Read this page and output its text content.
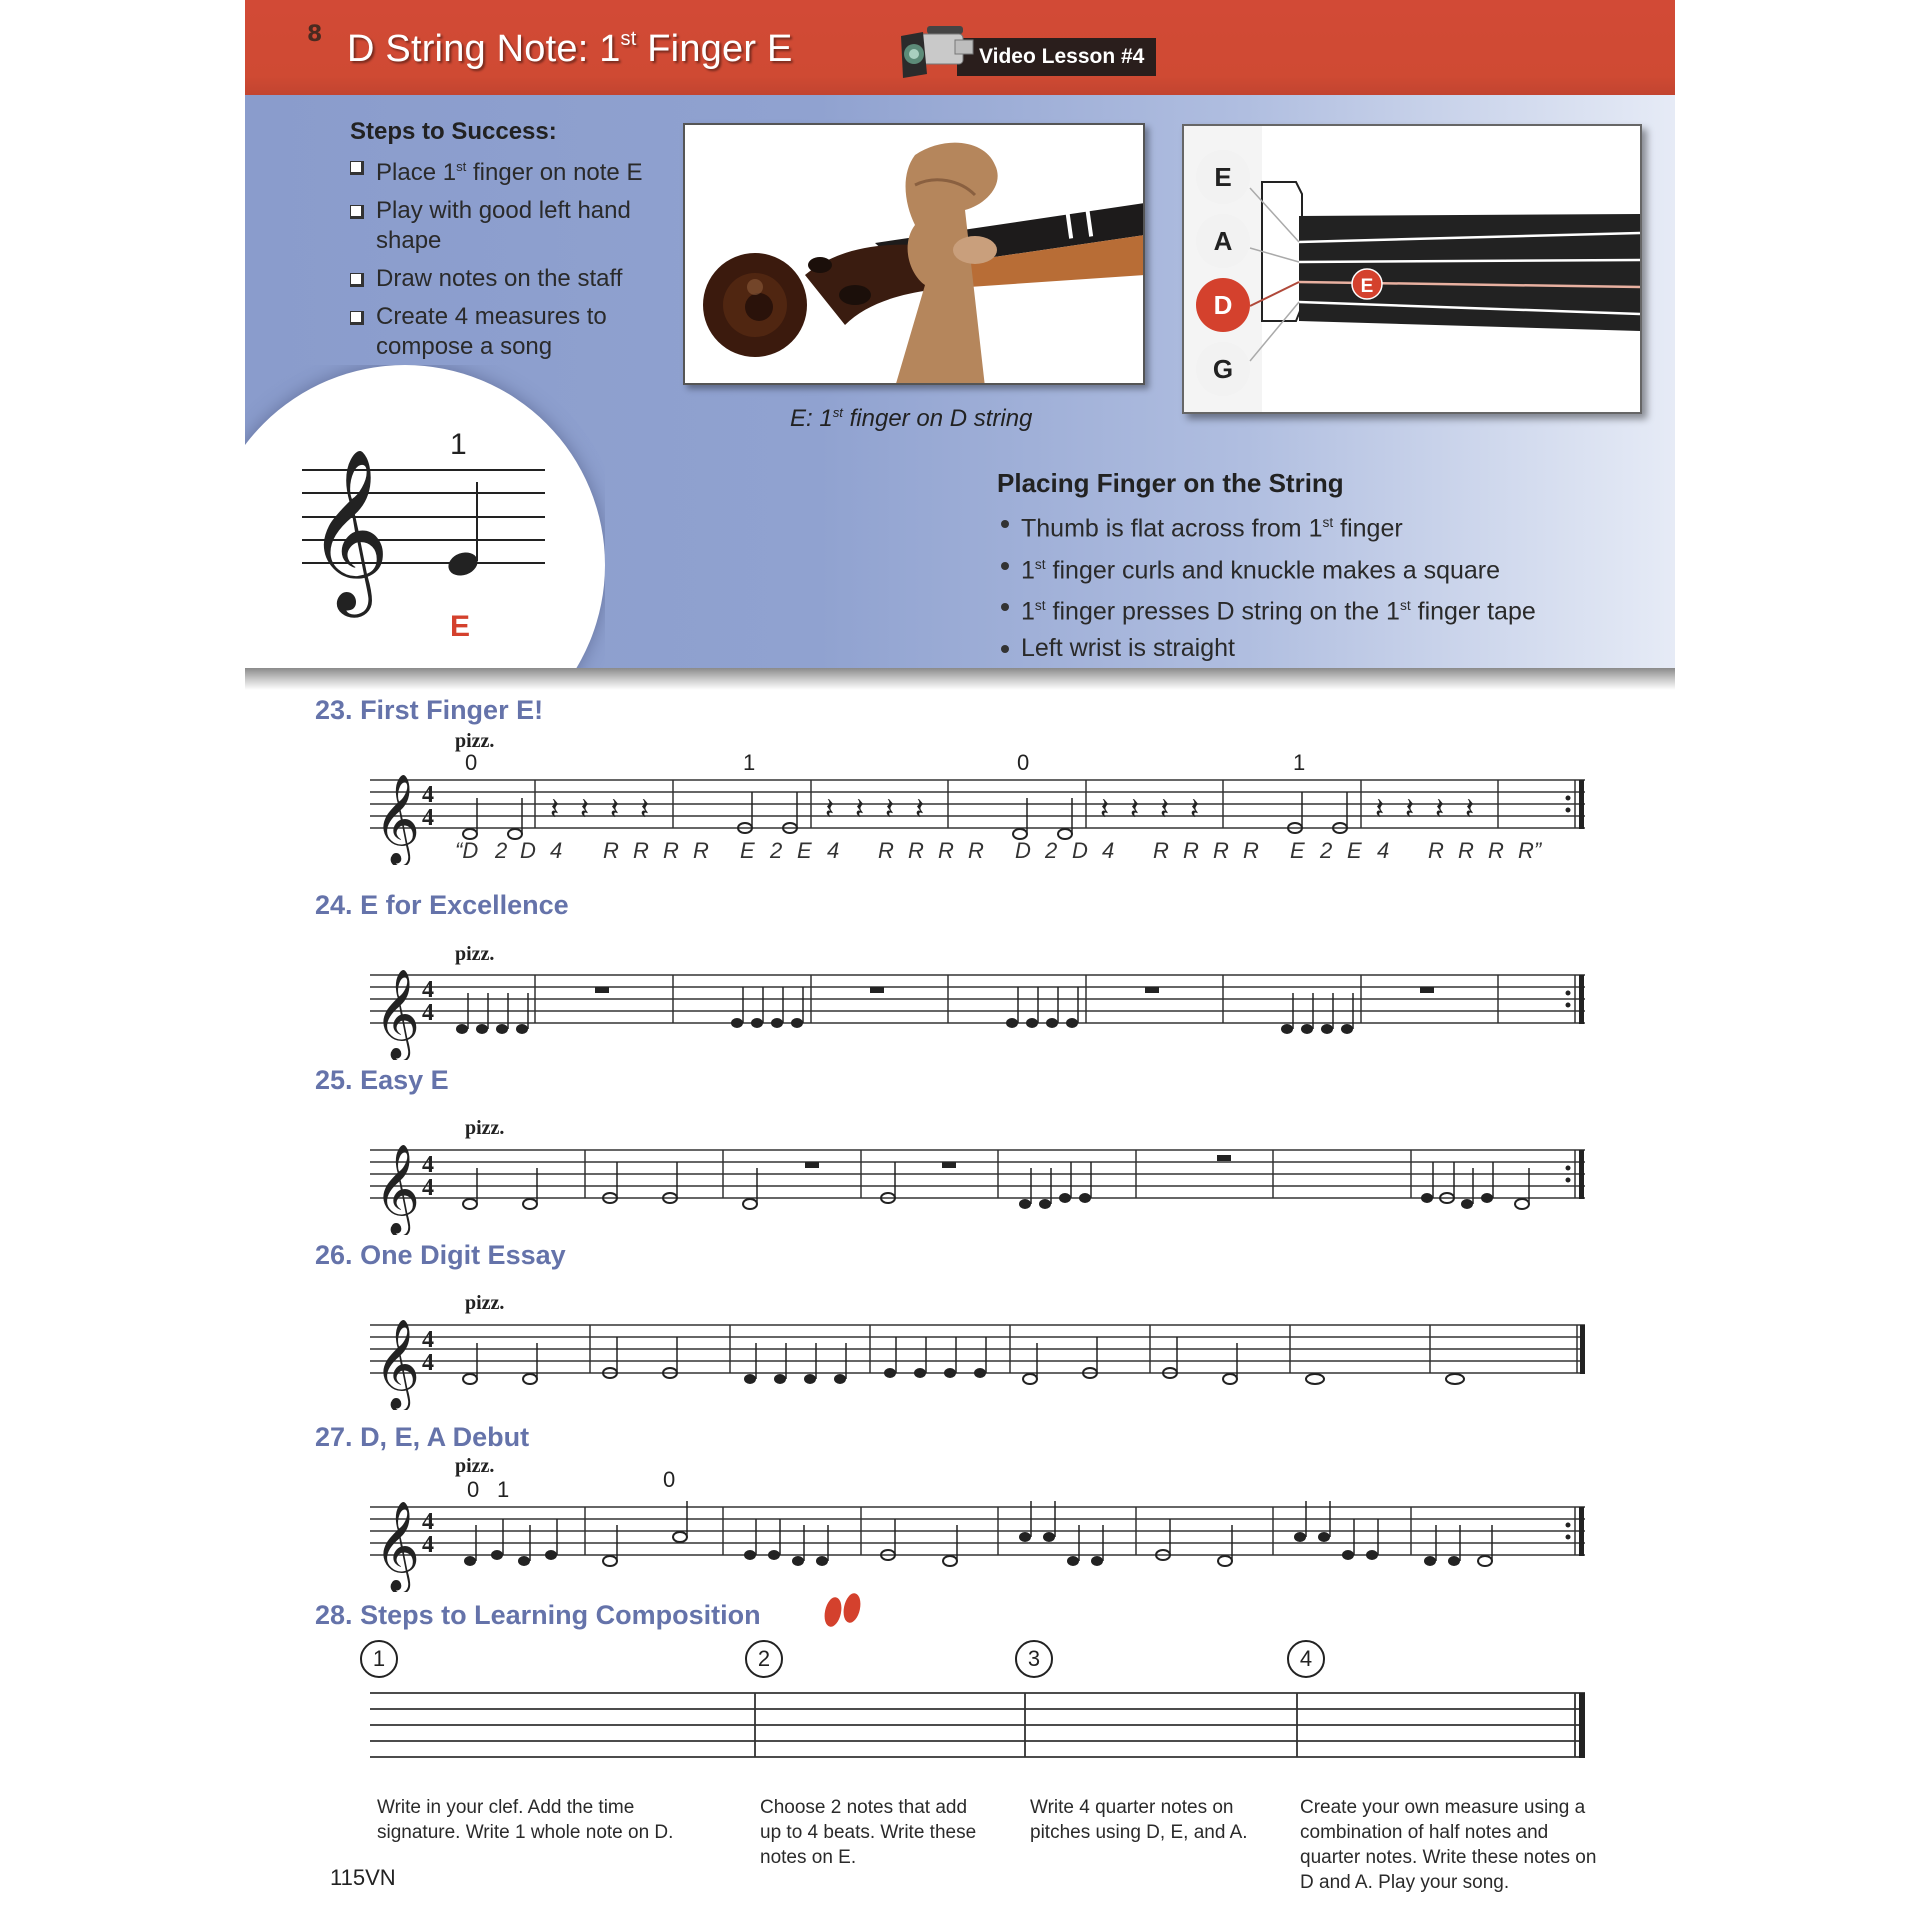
8 D String Note: 1st Finger E	Video Lesson #4
Steps to Success:
Place 1st finger on note E
Play with good left hand shape
Draw notes on the staff
Create 4 measures to compose a song
E: 1st finger on D string
E
E
A
D
G
𝄞
1
E
Placing Finger on the String
Thumb is flat across from 1st finger
1st finger curls and knuckle makes a square
1st finger presses D string on the 1st finger tape
Left wrist is straight
23. First Finger E!
pizz.
0	1	0	1
𝄞 4
4	𝄽 𝄽 𝄽 𝄽	𝄽 𝄽 𝄽 𝄽	𝄽 𝄽 𝄽 𝄽	𝄽 𝄽 𝄽 𝄽
“D 2 D 4 R R R R E 2 E 4 R R R R D 2 D 4 R R R R E 2 E 4 R R R R”
24. E for Excellence
pizz.
𝄞 4
4
25. Easy E
pizz.
𝄞 4
4
26. One Digit Essay
pizz.
𝄞 4
4
27. D, E, A Debut
pizz.
0 1	0
𝄞 4
4
28. Steps to Learning Composition
1	2	3	4
Write in your clef. Add the time signature. Write 1 whole note on D.
Choose 2 notes that add up to 4 beats. Write these notes on E.
Write 4 quarter notes on pitches using D, E, and A.
Create your own measure using a combination of half notes and quarter notes. Write these notes on D and A. Play your song.
115VN
